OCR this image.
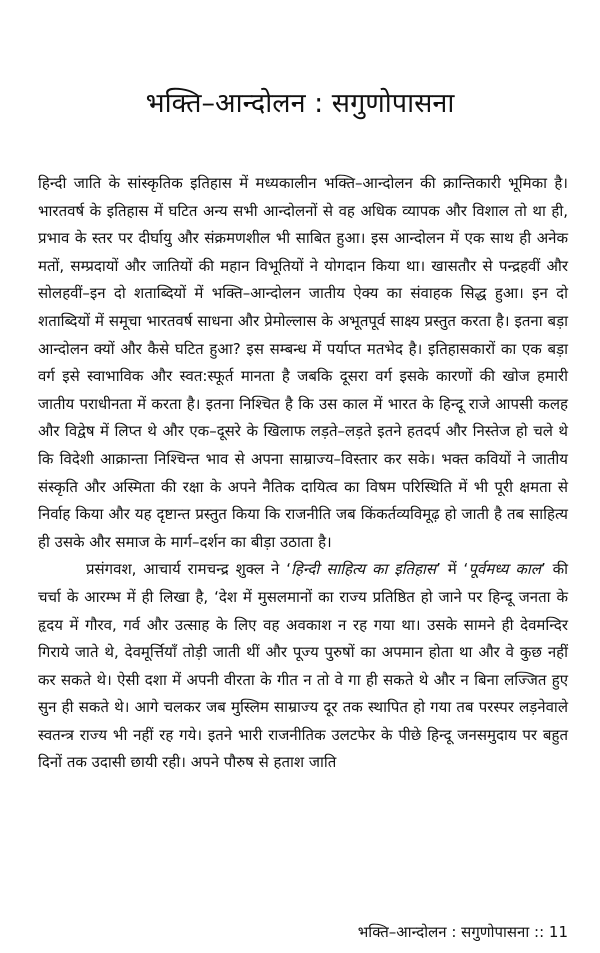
भक्ति–आन्दोलन : सगुणोपासना

हिन्दी जाति के सांस्कृतिक इतिहास में मध्यकालीन भक्ति–आन्दोलन की क्रान्तिकारी भूमिका है। भारतवर्ष के इतिहास में घटित अन्य सभी आन्दोलनों से वह अधिक व्यापक और विशाल तो था ही, प्रभाव के स्तर पर दीर्घायु और संक्रमणशील भी साबित हुआ। इस आन्दोलन में एक साथ ही अनेक मतों, सम्प्रदायों और जातियों की महान विभूतियों ने योगदान किया था। खासतौर से पन्द्रहवीं और सोलहवीं–इन दो शताब्दियों में भक्ति–आन्दोलन जातीय ऐक्य का संवाहक सिद्ध हुआ। इन दो शताब्दियों में समूचा भारतवर्ष साधना और प्रेमोल्लास के अभूतपूर्व साक्ष्य प्रस्तुत करता है। इतना बड़ा आन्दोलन क्यों और कैसे घटित हुआ? इस सम्बन्ध में पर्याप्त मतभेद है। इतिहासकारों का एक बड़ा वर्ग इसे स्वाभाविक और स्वत:स्फूर्त मानता है जबकि दूसरा वर्ग इसके कारणों की खोज हमारी जातीय पराधीनता में करता है। इतना निश्चित है कि उस काल में भारत के हिन्दू राजे आपसी कलह और विद्वेष में लिप्त थे और एक–दूसरे के खिलाफ लड़ते–लड़ते इतने हतदर्प और निस्तेज हो चले थे कि विदेशी आक्रान्ता निश्चिन्त भाव से अपना साम्राज्य–विस्तार कर सके। भक्त कवियों ने जातीय संस्कृति और अस्मिता की रक्षा के अपने नैतिक दायित्व का विषम परिस्थिति में भी पूरी क्षमता से निर्वाह किया और यह दृष्टान्त प्रस्तुत किया कि राजनीति जब किंकर्तव्यविमूढ़ हो जाती है तब साहित्य ही उसके और समाज के मार्ग–दर्शन का बीड़ा उठाता है।

प्रसंगवश, आचार्य रामचन्द्र शुक्ल ने ‘हिन्दी साहित्य का इतिहास’ में ‘पूर्वमध्य काल’ की चर्चा के आरम्भ में ही लिखा है, ‘देश में मुसलमानों का राज्य प्रतिष्ठित हो जाने पर हिन्दू जनता के हृदय में गौरव, गर्व और उत्साह के लिए वह अवकाश न रह गया था। उसके सामने ही देवमन्दिर गिराये जाते थे, देवमूर्त्तियाँ तोड़ी जाती थीं और पूज्य पुरुषों का अपमान होता था और वे कुछ नहीं कर सकते थे। ऐसी दशा में अपनी वीरता के गीत न तो वे गा ही सकते थे और न बिना लज्जित हुए सुन ही सकते थे। आगे चलकर जब मुस्लिम साम्राज्य दूर तक स्थापित हो गया तब परस्पर लड़नेवाले स्वतन्त्र राज्य भी नहीं रह गये। इतने भारी राजनीतिक उलटफेर के पीछे हिन्दू जनसमुदाय पर बहुत दिनों तक उदासी छायी रही। अपने पौरुष से हताश जाति

भक्ति–आन्दोलन : सगुणोपासना :: 11
